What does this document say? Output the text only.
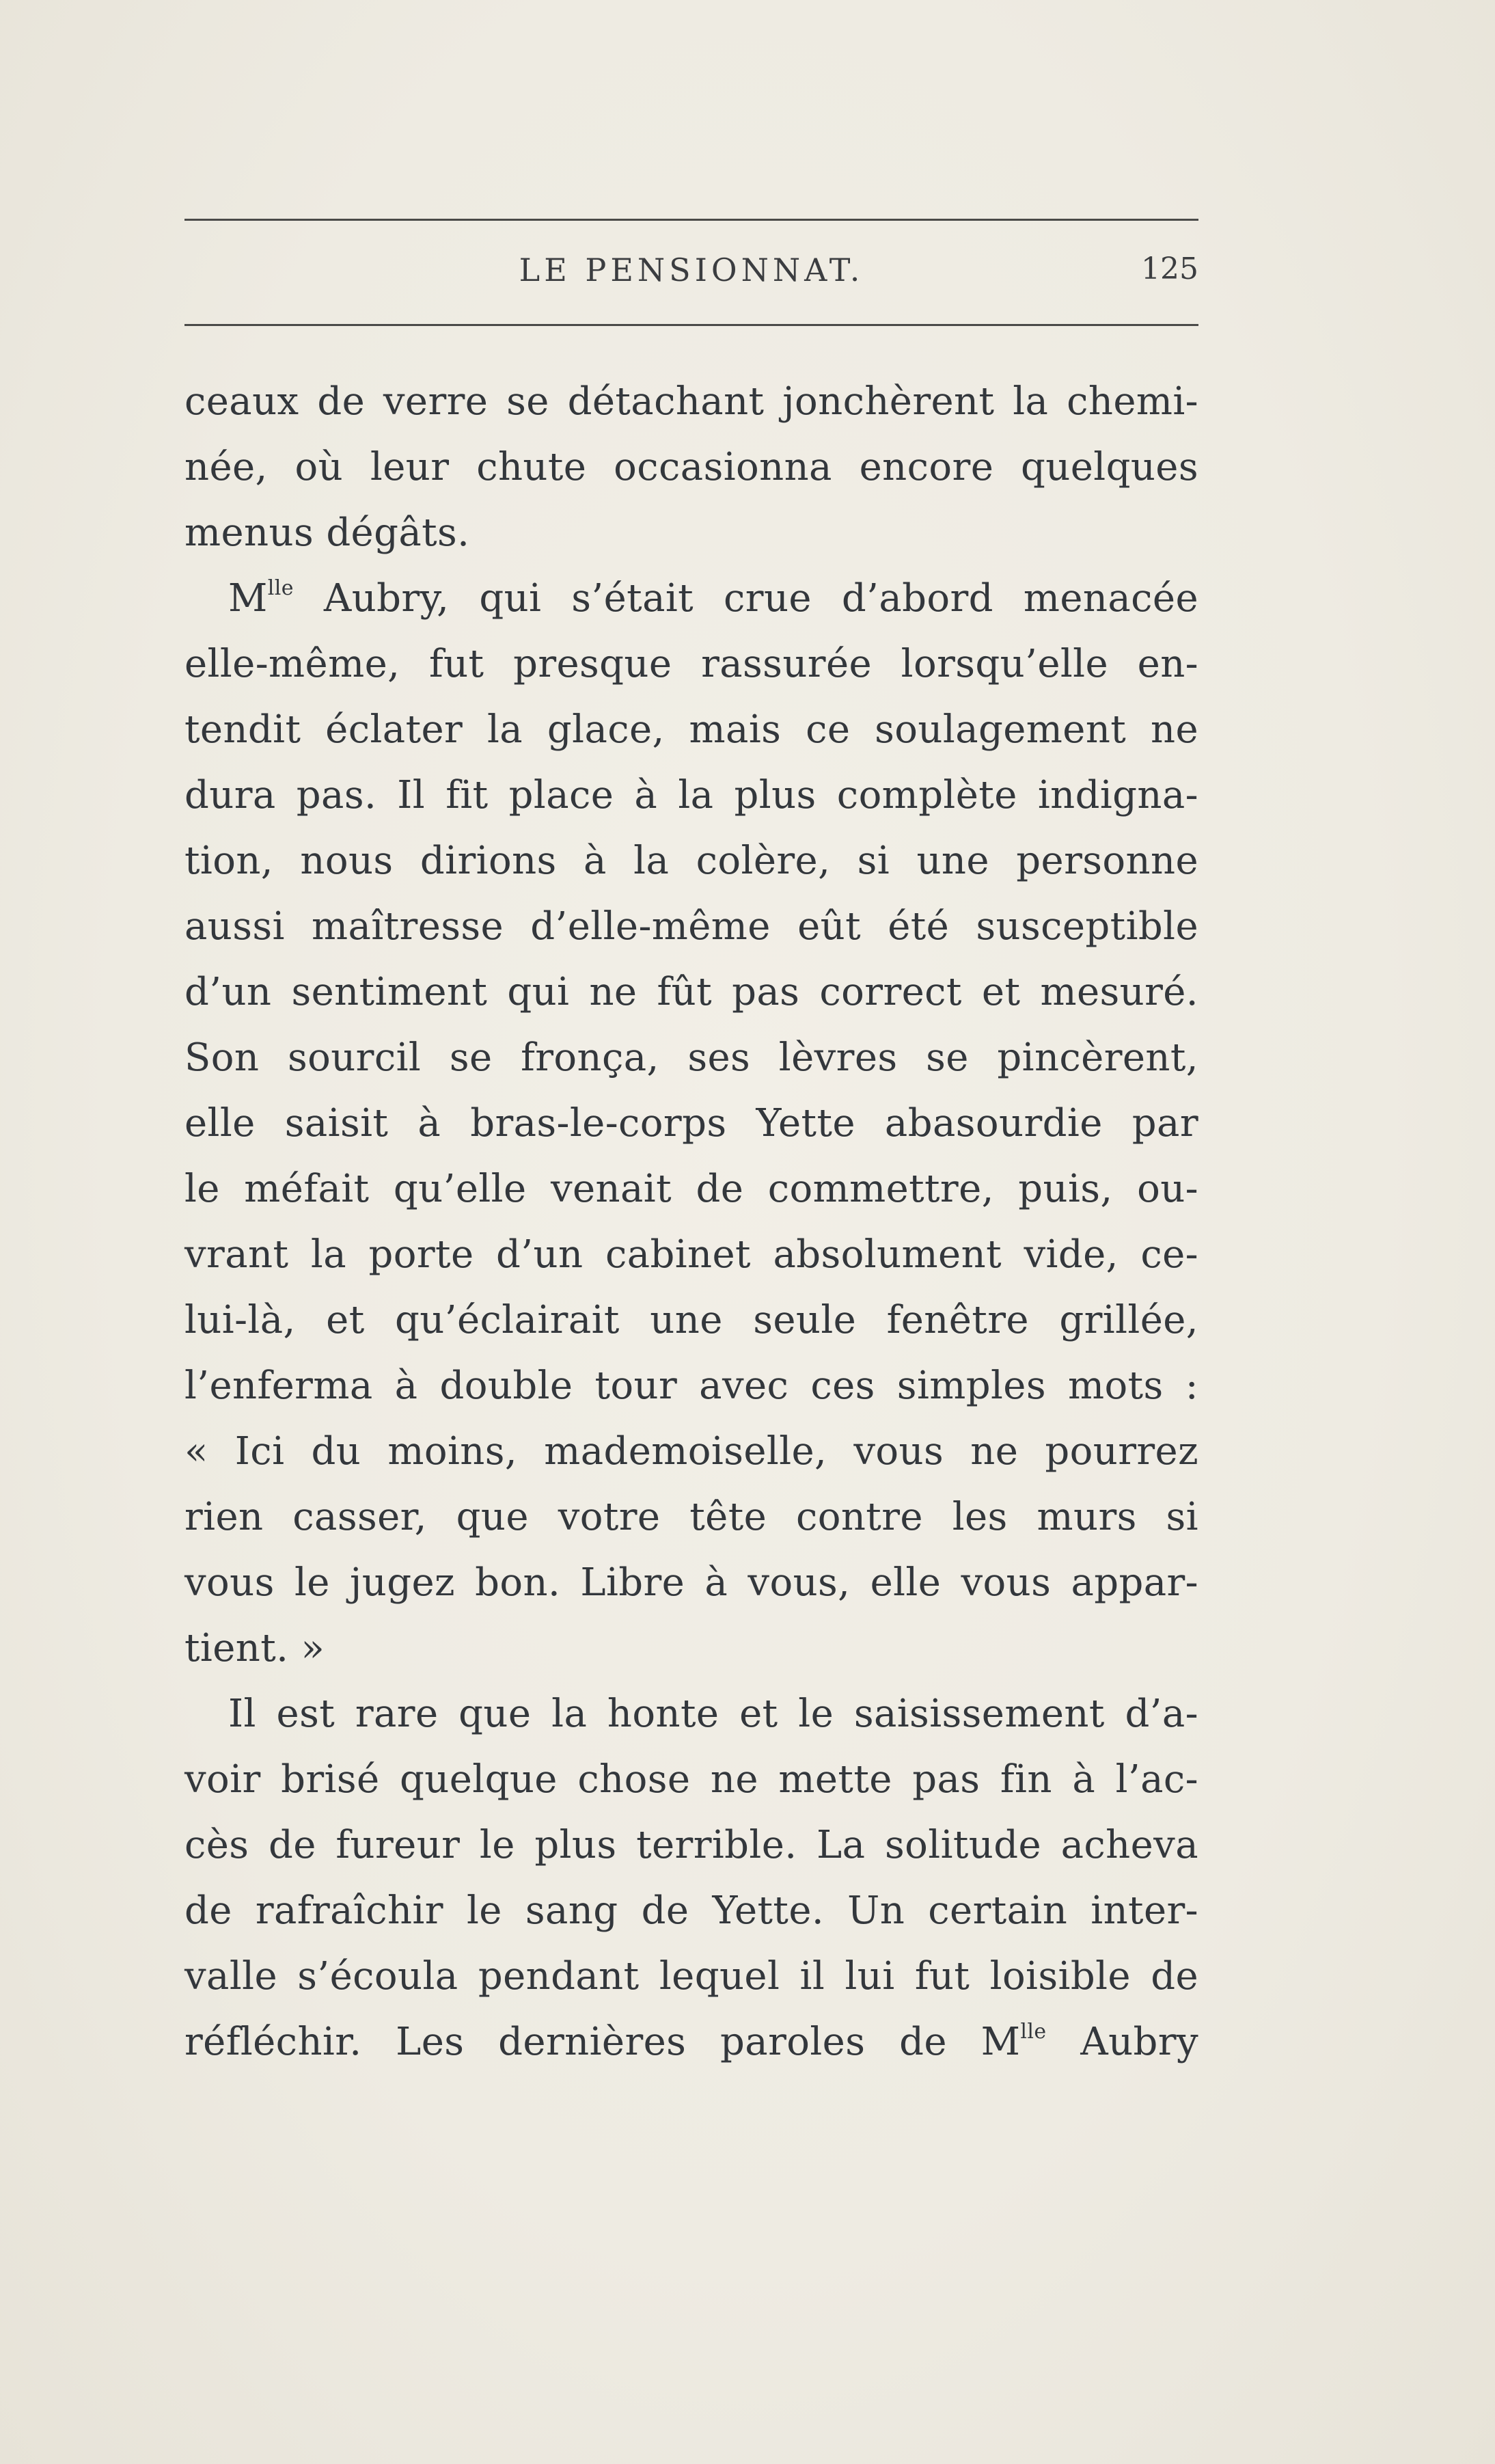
LE PENSIONNAT.	125
ceaux de verre se détachant jonchèrent la chemi-
née, où leur chute occasionna encore quelques
menus dégâts.
$M^{lle}$ Aubry, qui s’était crue d’abord menacée
elle-même, fut presque rassurée lorsqu’elle en-
tendit éclater la glace, mais ce soulagement ne
dura pas. Il fit place à la plus complète indigna-
tion, nous dirions à la colère, si une personne
aussi maîtresse d’elle-même eût été susceptible
d’un sentiment qui ne fût pas correct et mesuré.
Son sourcil se fronça, ses lèvres se pincèrent,
elle saisit à bras-le-corps Yette abasourdie par
le méfait qu’elle venait de commettre, puis, ou-
vrant la porte d’un cabinet absolument vide, ce-
lui-là, et qu’éclairait une seule fenêtre grillée,
l’enferma à double tour avec ces simples mots :
« Ici du moins, mademoiselle, vous ne pourrez
rien casser, que votre tête contre les murs si
vous le jugez bon. Libre à vous, elle vous appar-
tient. »
Il est rare que la honte et le saisissement d’a-
voir brisé quelque chose ne mette pas fin à l’ac-
cès de fureur le plus terrible. La solitude acheva
de rafraîchir le sang de Yette. Un certain inter-
valle s’écoula pendant lequel il lui fut loisible de
réfléchir. Les dernières paroles de $M^{lle}$ Aubry
